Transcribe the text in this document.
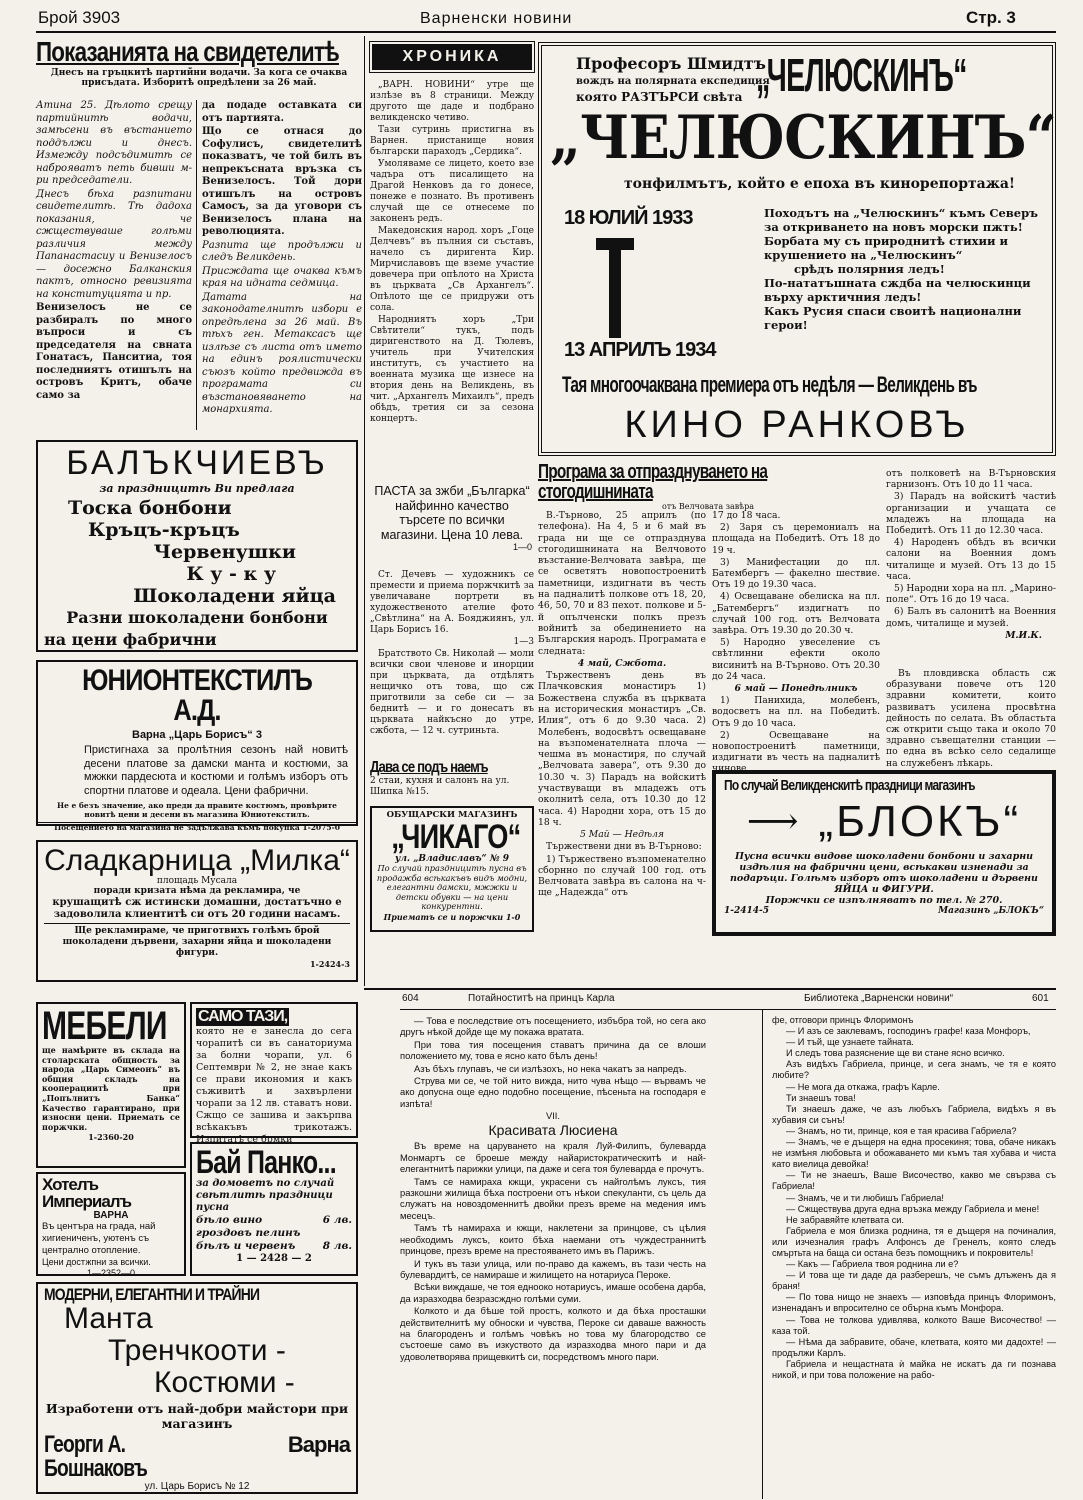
Брой 3903	Варненски новини	Стр. 3
Показанията на свидетелитѣ
Днесъ на гръцкитѣ партийни водачи. За кога се очаква присъдата. Изборитѣ опредѣлени за 26 май.

Атина 25. Дѣлото срещу партийнитѣ водачи, замѣсени въ въстанието поддължи и днесъ. Измежду подсъдимитѣ се наброяватъ петь бивши м-ри председатели.

Днесъ бѣха разпитани свидетелитѣ. Тѣ дадоха показания, че сжществуваше голѣми различия между Папанастасиу и Венизелосъ — досежно Балканския пактъ, относно ревизията на конституцията и пр.

Венизелосъ не се разбиралъ по много въпроси и съ председателя на свната Гонатасъ, Панситиа, тоя последниятъ отишълъ на островъ Критъ, обаче само за

да подаде оставката си отъ партията.

Що се отнася до Софулисъ, свидетелитѣ показватъ, че той билъ въ непрекъсната връзка съ Венизелосъ. Той дори отишълъ на островъ Самосъ, за да уговори съ Венизелосъ плана на революцията.

Разпита ще продължи и следъ Великдень.

Присждата ще очаква къмъ края на идната седмица.

Датата на законодателнитѣ избори е опредѣлена за 26 май. Въ тѣхъ ген. Метаксасъ ще излѣзе съ листа отъ името на единъ роялистически съюзъ който предвижда въ програмата си възстановяването на монархията.

БАЛЪКЧИЕВЪ
за праздницитѣ Ви предлага
Тоска бонбони
Кръцъ-кръцъ
Червенушки
К у - к у
Шоколадени яйца
Разни шоколадени бонбони
на цени фабрични
ЮНИОНТЕКСТИЛЪ А.Д.
Варна „Царь Борисъ“ 3
Пристигнаха за пролѣтния сезонъ най новитѣ десени платове за дамски манта и костюми, за мжжки пардесюта и костюми и голѣмъ изборъ отъ спортни платове и одеала. Цени фабрични.
Не е безъ значение, ако преди да правите костюмъ, провѣрите новитѣ цени и десени въ магазина Юниотекстилъ.
Посещението на магазина не задължава къмъ покупка 1-2075-0
Сладкарница „Милка“
площадь Мусала
поради кризата нѣма да рекламира, че
крушащитѣ сж истински домашни, достатъчно е задоволила клиентитѣ си отъ 20 години насамъ.
Ще рекламираме, че приготвихъ голѣмъ брой шоколадени дървени, захарни яйца и шоколадени фигури.
1-2424-3
МЕБЕЛИ
ще намѣрите въ склада на столарската общность за народа „Царь Симеонъ“ въ общия складъ на кооперациитѣ при „Попълнитъ Банка“ Качество гарантирано, при износни цени. Приемать се поржчки.
1-2360-20
САМО ТАЗИ,
която не е занесла до сега чорапитѣ си въ санаториума за болни чорапи, ул. 6 Септември № 2, не знае какъ се прави икономия и какъ съживитѣ и захвърлени чорапи за 12 лв. ставатъ нови. Сжщо се зашива и закърпва всѣкакъвъ трикотажъ. Изпитатѣ се брмки
Хотелъ Империалъ
ВАРНА
Въ центъра на града, най хигиениченъ, уютенъ съ централно отопление.
Цени достжпни за всички.
1—2352—0
Бай Панко...
за домоветъ по случай свѣтлитѣ праздници пусна
бѣло вино	6 лв.
гроздовъ пелинъ
бѣлъ и червенъ	8 лв.
1 — 2428 — 2
МОДЕРНИ, ЕЛЕГАНТНИ И ТРАЙНИ
Манта
Тренчкоoти -
Костюми -
Изработени отъ най-добри майстори при магазинъ
Георги А. Бошнаковъ
Варна
ул. Царь Борисъ № 12
ХРОНИКА

„ВАРН. НОВИНИ“ утре ще излѣзе въ 8 страници. Между другото ще даде и подбрано великденско четиво.

Тази сутринь пристигна въ Варнен. пристанище новия български параходъ „Сердика“.

Умоляваме се лицето, което взе чадъра отъ писалището на Драгой Ненковъ да го донесе, понеже е познато. Въ противенъ случай ще се отнесеме по законенъ редъ.

Македонския народ. хоръ „Гоце Делчевъ“ въ пълния си съставъ, начело съ диригента Кир. Мирчиславовъ ще вземе участие довечера при опѣлото на Христа въ църквата „Св Архангелъ“. Опѣлото ще се придружи отъ сола.

Народниятъ хоръ „Три Свѣтители“ тукъ, подъ диригенството на Д. Тюлевъ, учитель при Учителския институтъ, съ участието на военната музика ще изнесе на втория день на Великдень, въ чит. „Архангелъ Михаилъ“, предъ обѣдъ, третия си за сезона концертъ.

ПАСТА за зжби „Българка“ найфинно качество търсете по всички магазини. Цена 10 лева.
1—0

Ст. Дечевъ — художникъ се премести и приема поржчкитѣ за увеличаване портрети въ художественото ателие фото „Свѣтлина“ на А. Бояджиянъ, ул. Царь Борисъ 16.

1—3

Братството Св. Николай — моли всички свои членове и инорции при църквата, да отдѣлятъ нещичко отъ това, що сж приготвили за себе си — за беднитѣ — и го донесатъ въ църквата найкъсно до утре, сжбота, — 12 ч. сутриньта.

Дава се подъ наемъ
2 стаи, кухня и салонъ на ул. Шипка №15.
ОБУЩАРСКИ МАГАЗИНЪ
„ЧИКАГО“
ул. „Владиславъ“ № 9
По случай праздницитѣ пусна въ продажба всѣкакъвъ видъ модни, елегантни дамски, мжжки и детски обувки — на цени конкурентни.
Приематъ се и поржчки 1-0
Професоръ Шмидтъ
вождъ на полярната експедиция
която РАЗТЪРСИ свѣта „ЧЕЛЮСКИНЪ“
„ЧЕЛЮСКИНЪ“
тонфилмътъ, който е епоха въ кинорепортажа!
18 ЮЛИЙ 1933
13 АПРИЛЪ 1934
Походътъ на „Челюскинъ“ къмъ Северъ за откриването на новъ морски пжть!
Борбата му съ природнитѣ стихии и крушението на „Челюскинъ“
срѣдъ полярния ледъ!
По-нататъшната сждба на челюскинци върху арктичния ледъ!
Какъ Русия спаси своитѣ национални герои!
Тая многоочаквана премиера отъ недѣля — Великдень въ
КИНО РАНКОВЪ
Програма за отпразднуването на стогодишнината
отъ Велчовата завѣра

В.-Търново, 25 априлъ (по телефона). На 4, 5 и 6 май въ града ни ще се отпразднува стогодишнината на Велчовото възстание-Велчовата завѣра, ще се осветятъ новопостроенитѣ паметници, издигнати въ честь на падналитѣ полкове отъ 18, 20, 46, 50, 70 и 83 пехот. полкове и 5-й опълченски полкъ презъ войнитѣ за обединението на Българския народъ. Програмата е следната:

4 май, Сжбота.

Тържественъ день въ Плачковския монастиръ 1) Божествена служба въ църквата на историческия монастиръ „Св. Илия“, отъ 6 до 9.30 часа. 2) Молебенъ, водосвѣтъ освещаване на възпоменателната плоча — чешма въ монастиря, по случай „Велчовата завера“, отъ 9.30 до 10.30 ч. 3) Парадъ на войскитѣ участвуващи въ младежъ отъ околнитѣ села, отъ 10.30 до 12 часа. 4) Народни хора, отъ 15 до 18 ч.

5 Май — Недѣля

Тържествени дни въ В-Търново:

1) Тържествено възпоменателно сборнно по случай 100 год. отъ Велчовата завѣра въ салона на ч-ще „Надежда“ отъ

17 до 18 часа.

2) Заря съ церемониалъ на площада на Победитѣ. Отъ 18 до 19 ч.

3) Манифестации до пл. Батембергъ — факелно шествие. Отъ 19 до 19.30 часа.

4) Освещаване обелиска на пл. „Батембергъ“ издигнатъ по случай 100 год. отъ Велчовата завѣра. Отъ 19.30 до 20.30 ч.

5) Народно увеселение съ свѣтлинни ефекти около висинитѣ на В-Търново. Отъ 20.30 до 24 часа.

6 май — Понедѣлникъ

1) Панихида, молебенъ, водосветъ на пл. на Победитѣ. Отъ 9 до 10 часа.

2) Освещаване на новопостроенитѣ паметници, издигнати въ честь на падналитѣ чинове

отъ полковетѣ на В-Търновския гарнизонъ. Отъ 10 до 11 часа.

3) Парадъ на войскитѣ частиѣ организации и учащата се младежъ на площада на Победитѣ. Отъ 11 до 12.30 часа.

4) Народенъ обѣдъ въ всички салони на Военния домъ читалище и музей. Отъ 13 до 15 часа.

5) Народни хора на пл. „Марино-поле“. Отъ 16 до 19 часа.

6) Балъ въ салонитѣ на Военния домъ, читалище и музей.

М.И.К.

Въ пловдивска область сж образувани повече отъ 120 здравни комитети, които развиватъ усилена просвѣтна дейность по селата. Въ областьта сж открити също така и около 70 здравно съвещателни станции — по една въ всѣко село седалище на служебенъ лѣкарь.

По случай Великденскитѣ праздници магазинъ
⟶ „БЛОКЪ“
Пусна всички видове шоколадени бонбони и захарни издѣлия на фабрични цени, всѣкакви изненади за подаръци. Голѣмъ изборъ отъ шоколадени и дървени ЯЙЦА и ФИГУРИ.
Поржчки се изпълняватъ по тел. № 270.
1-2414-5	Магазинъ „БЛОКЪ“
604	Потайноститѣ на принцъ Карла	Библиотека „Варненски новини“	601

— Това е последствие отъ посещението, избъбра той, но сега ако другъ нѣкой дойде ще му покажа вратата.

При това тия посещения ставатъ причина да се влоши положението му, това е ясно като бѣлъ день!

Азъ бѣхъ глупавъ, че си излѣзохъ, но нека чакатъ за напредъ.

Струва ми се, че той нито вижда, нито чува нѣщо — вървамъ че ако допусна още едно подобно посещение, пѣсеньта на господаря е изпѣта!

VII.

Красивата Люсиена

Въ време на царуването на краля Луй-Филипъ, булеварда Монмартъ се броеше между найаристократическитѣ и най-елегантнитѣ парижки улици, па даже и сега тоя булеварда е прочутъ.

Тамъ се намираха кжщи, украсени съ найголѣмъ луксъ, тия разкошни жилища бѣха построени отъ нѣкои спекуланти, съ цель да служатъ на новоздоменнитѣ двойки презъ време на медения имъ месецъ.

Тамъ тѣ намираха и кжщи, наклетени за принцове, съ цѣлия необходимъ луксъ, които бѣха наемани отъ чуждестраннитѣ принцове, презъ време на престояването имъ въ Парижъ.

И тукъ въ тази улица, или по-право да кажемъ, въ тази честь на булевардитѣ, се намираше и жилището на нотариуса Пероке.

Всѣки виждаше, че тоя еднооко нотариусъ, имаше особена дарба, да изразходва безразсждно голѣми суми.

Колкото и да бѣше той простъ, колкото и да бѣха просташки действителнитѣ му обноски и чувства, Пероке си даваше важность на благороденъ и голѣмъ човѣкъ но това му благородство се състоеше само въ изкуството да изразходва много пари и да удоволетворява прищевкитѣ си, посредствомъ много пари.

фе, отговори принцъ Флоримонъ

— И азъ се заклевамъ, господинъ графе! каза Монфоръ,

— И тъй, ще узнаете тайната.

И следъ това разяснение ще ви стане ясно всичко.

Азъ видѣхъ Габриела, принце, и сега знамъ, че тя е която любите?

— Не мога да откажа, графъ Карле.

Ти знаешъ това!

Ти знаешъ даже, че азъ любъхъ Габриела, видѣхъ я въ хубавия си сънъ!

— Знамъ, но ти, принце, коя е тая красива Габриела?

— Знамъ, че е дъщеря на една просекиня; това, обаче никакъ не измѣня любовьта и обожаването ми къмъ тая хубава и чиста като виелица девойка!

— Ти не знаешъ, Ваше Височество, какво ме свързва съ Габриела!

— Знамъ, че и ти любишъ Габриела!

— Сжществува друга една връзка между Габриела и мене!

Не забравяйте клетвата си.

Габриела е моя близка роднина, тя е дъщеря на починалия, или изчезналия графъ Алфонсъ де Гренелъ, която следъ смъртьта на баща си остана безъ помощникъ и покровитель!

— Какъ — Габриела твоя роднина ли е?

— И това ще ти даде да разберешъ, че съмъ длъженъ да я браня!

— По това нищо не знаехъ — изповѣда принцъ Флоримонъ, изненаданъ и впросително се обърна къмъ Монфора.

— Това не толкова удивлява, колкото Ваше Височество! — каза той.

— Нѣма да забравите, обаче, клетвата, която ми дадохте! — продължи Карлъ.

Габриела и нещастната ѝ майка не искатъ да ги познава никой, и при това положение на рабо-
